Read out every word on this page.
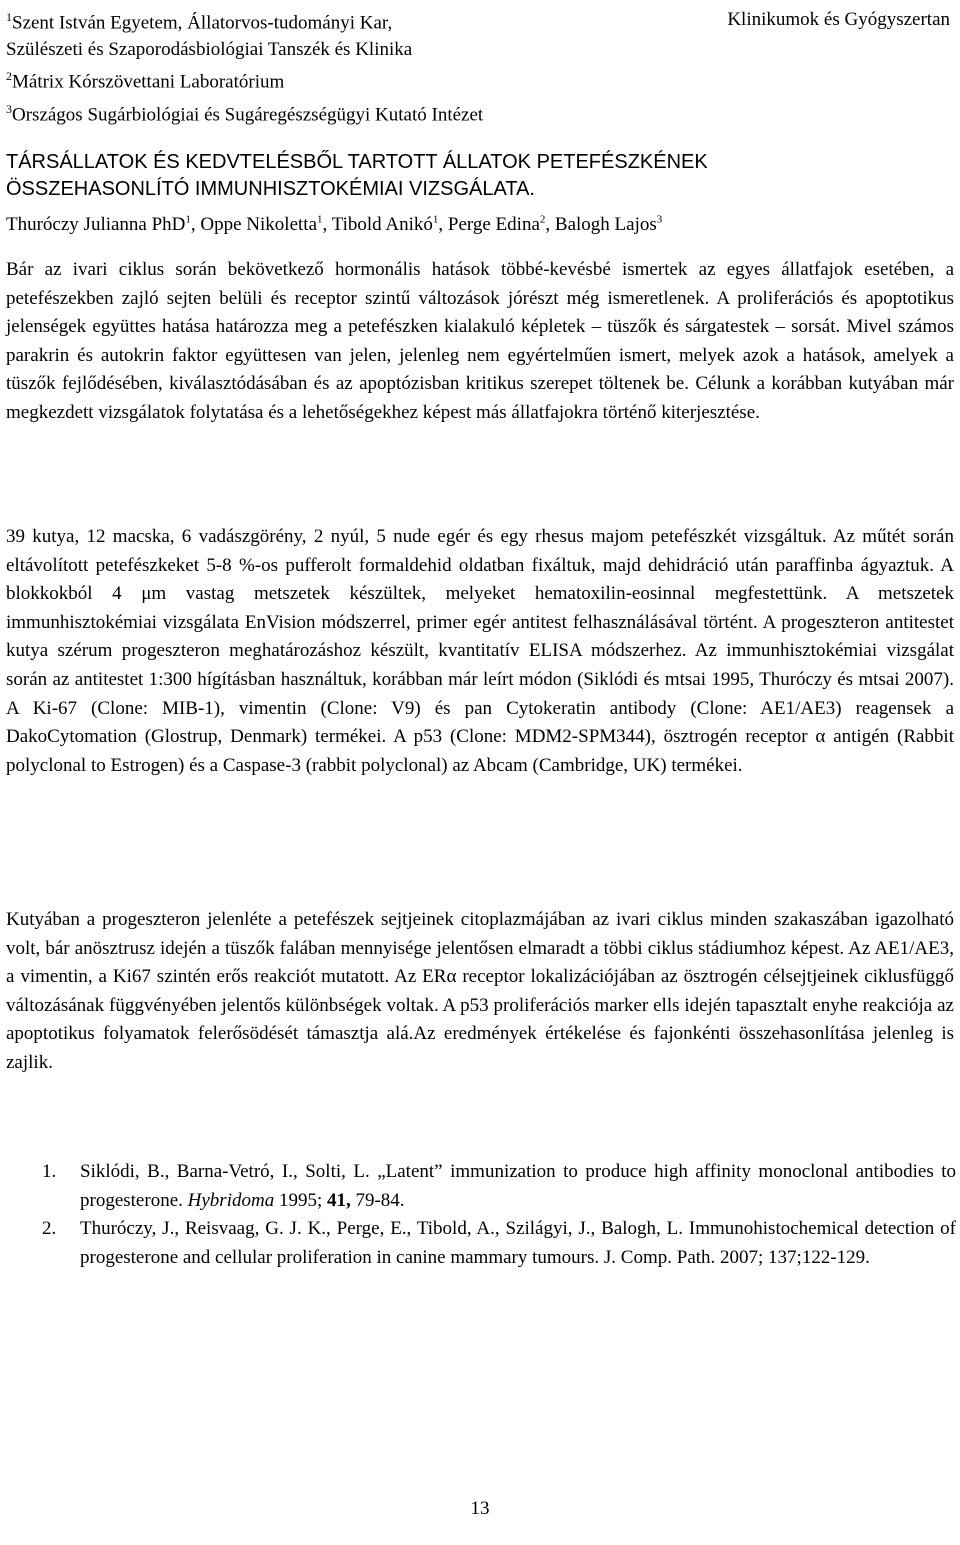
$^1$Szent István Egyetem, Állatorvos-tudományi Kar,
Szülészeti és Szaporodásbiológiai Tanszék és Klinika
$^2$Mátrix Kórszövettani Laboratórium
$^3$Országos Sugárbiológiai és Sugáregészségügyi Kutató Intézet
Klinikumok és Gyógyszertan
TÁRSÁLLATOK ÉS KEDVTELÉSBŐL TARTOTT ÁLLATOK PETEFÉSZKÉNEK
ÖSSZEHASONLÍTÓ IMMUNHISZTOKÉMIAI VIZSGÁLATA.
Thuróczy Julianna PhD$^1$, Oppe Nikoletta$^1$, Tibold Anikó$^1$, Perge Edina$^2$, Balogh Lajos$^3$

Bár az ivari ciklus során bekövetkező hormonális hatások többé-kevésbé ismertek az egyes állatfajok esetében, a petefészekben zajló sejten belüli és receptor szintű változások jórészt még ismeretlenek. A proliferációs és apoptotikus jelenségek együttes hatása határozza meg a petefészken kialakuló képletek – tüszők és sárgatestek – sorsát. Mivel számos parakrin és autokrin faktor együttesen van jelen, jelenleg nem egyértelműen ismert, melyek azok a hatások, amelyek a tüszők fejlődésében, kiválasztódásában és az apoptózisban kritikus szerepet töltenek be. Célunk a korábban kutyában már megkezdett vizsgálatok folytatása és a lehetőségekhez képest más állatfajokra történő kiterjesztése.

39 kutya, 12 macska, 6 vadászgörény, 2 nyúl, 5 nude egér és egy rhesus majom petefészkét vizsgáltuk. Az műtét során eltávolított petefészkeket 5-8 %-os pufferolt formaldehid oldatban fixáltuk, majd dehidráció után paraffinba ágyaztuk. A blokkokból 4 μm vastag metszetek készültek, melyeket hematoxilin-eosinnal megfestettünk. A metszetek immunhisztokémiai vizsgálata EnVision módszerrel, primer egér antitest felhasználásával történt. A progeszteron antitestet kutya szérum progeszteron meghatározáshoz készült, kvantitatív ELISA módszerhez. Az immunhisztokémiai vizsgálat során az antitestet 1:300 hígításban használtuk, korábban már leírt módon (Siklódi és mtsai 1995, Thuróczy és mtsai 2007). A Ki-67 (Clone: MIB-1), vimentin (Clone: V9) és pan Cytokeratin antibody (Clone: AE1/AE3) reagensek a DakoCytomation (Glostrup, Denmark) termékei. A p53 (Clone: MDM2-SPM344), ösztrogén receptor α antigén (Rabbit polyclonal to Estrogen) és a Caspase-3 (rabbit polyclonal) az Abcam (Cambridge, UK) termékei.

Kutyában a progeszteron jelenléte a petefészek sejtjeinek citoplazmájában az ivari ciklus minden szakaszában igazolható volt, bár anösztrusz idején a tüszők falában mennyisége jelentősen elmaradt a többi ciklus stádiumhoz képest. Az AE1/AE3, a vimentin, a Ki67 szintén erős reakciót mutatott. Az ERα receptor lokalizációjában az ösztrogén célsejtjeinek ciklusfüggő változásának függvényében jelentős különbségek voltak. A p53 proliferációs marker ells idején tapasztalt enyhe reakciója az apoptotikus folyamatok felerősödését támasztja alá.Az eredmények értékelése és fajonkénti összehasonlítása jelenleg is zajlik.

1.	Siklódi, B., Barna-Vetró, I., Solti, L. „Latent” immunization to produce high affinity monoclonal antibodies to progesterone. Hybridoma 1995; 41, 79-84.
2.	Thuróczy, J., Reisvaag, G. J. K., Perge, E., Tibold, A., Szilágyi, J., Balogh, L. Immunohistochemical detection of progesterone and cellular proliferation in canine mammary tumours. J. Comp. Path. 2007; 137;122-129.
13
